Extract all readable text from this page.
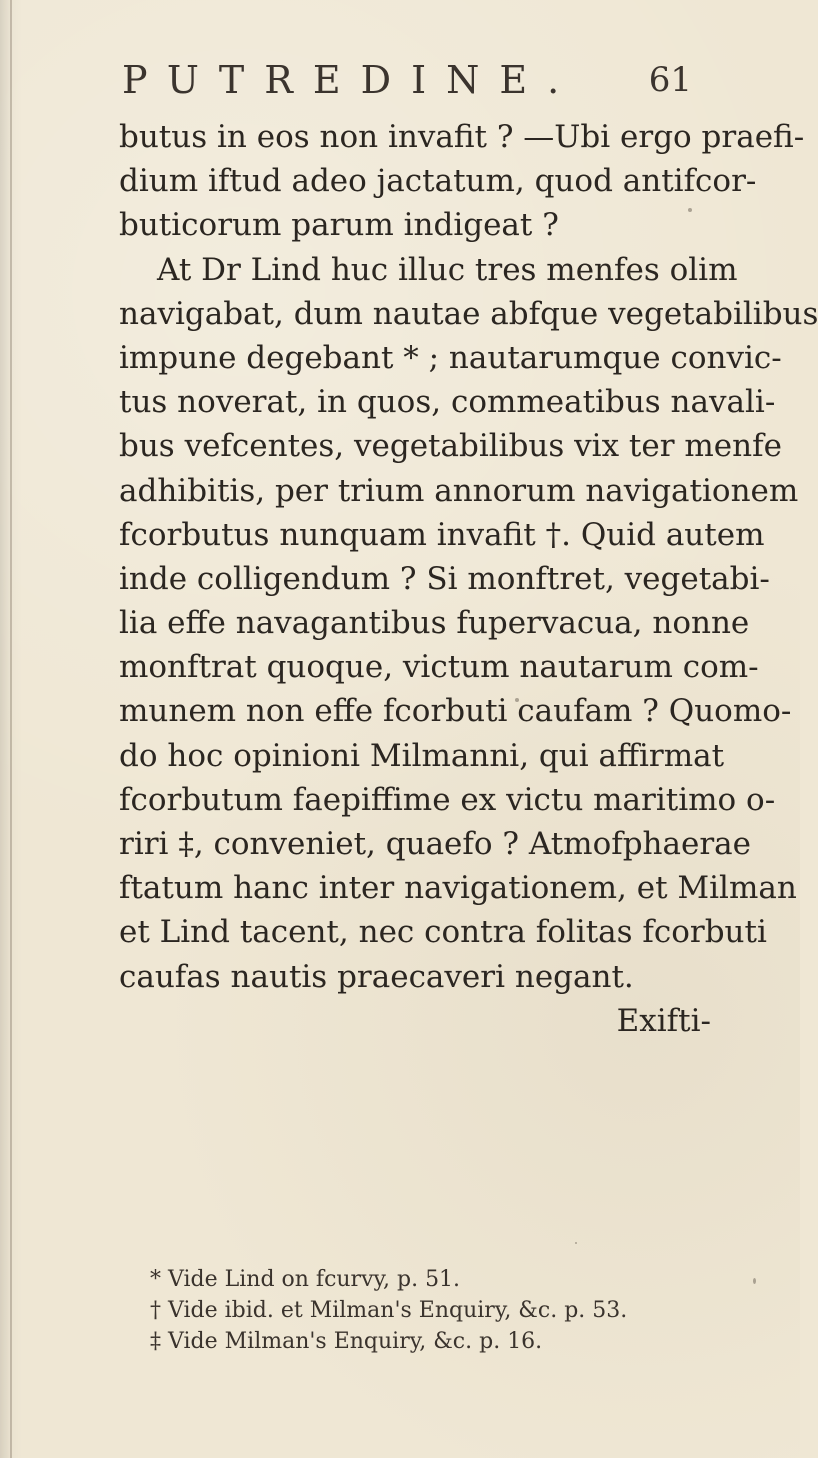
PUTREDINE. 61
butus in eos non invafit ? —Ubi ergo praefi-
dium iftud adeo jactatum, quod antifcor-
buticorum parum indigeat ?
At Dr Lind huc illuc tres menfes olim
navigabat, dum nautae abfque vegetabilibus
impune degebant * ; nautarumque convic-
tus noverat, in quos, commeatibus navali-
bus vefcentes, vegetabilibus vix ter menfe
adhibitis, per trium annorum navigationem
fcorbutus nunquam invafit †. Quid autem
inde colligendum ? Si monftret, vegetabi-
lia effe navagantibus fupervacua, nonne
monftrat quoque, victum nautarum com-
munem non effe fcorbuti caufam ? Quomo-
do hoc opinioni Milmanni, qui affirmat
fcorbutum faepiffime ex victu maritimo o-
riri ‡, conveniet, quaefo ? Atmofphaerae
ftatum hanc inter navigationem, et Milman
et Lind tacent, nec contra folitas fcorbuti
caufas nautis praecaveri negant.
Exifti-
* Vide Lind on fcurvy, p. 51.
† Vide ibid. et Milman's Enquiry, &c. p. 53.
‡ Vide Milman's Enquiry, &c. p. 16.
